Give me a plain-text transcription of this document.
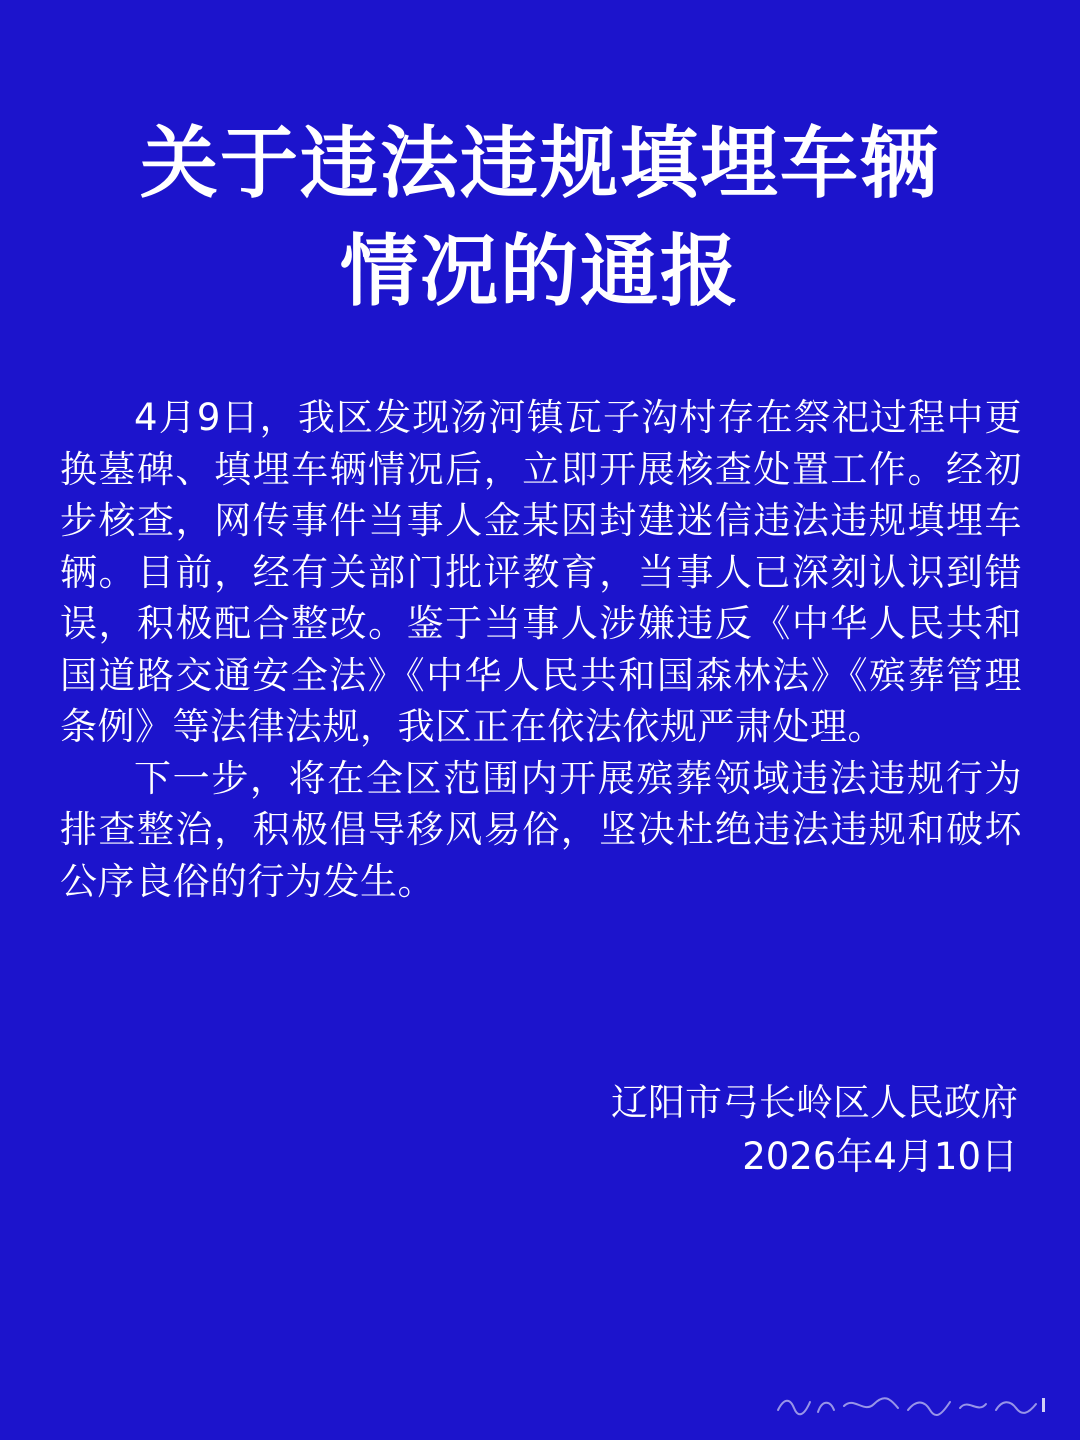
关于违法违规填埋车辆
情况的通报

4月9日，我区发现汤河镇瓦子沟村存在祭祀过程中更换墓碑、填埋车辆情况后，立即开展核查处置工作。经初步核查，网传事件当事人金某因封建迷信违法违规填埋车辆。目前，经有关部门批评教育，当事人已深刻认识到错误，积极配合整改。鉴于当事人涉嫌违反《中华人民共和国道路交通安全法》《中华人民共和国森林法》《殡葬管理条例》等法律法规，我区正在依法依规严肃处理。

下一步，将在全区范围内开展殡葬领域违法违规行为排查整治，积极倡导移风易俗，坚决杜绝违法违规和破坏公序良俗的行为发生。

辽阳市弓长岭区人民政府
2026年4月10日
